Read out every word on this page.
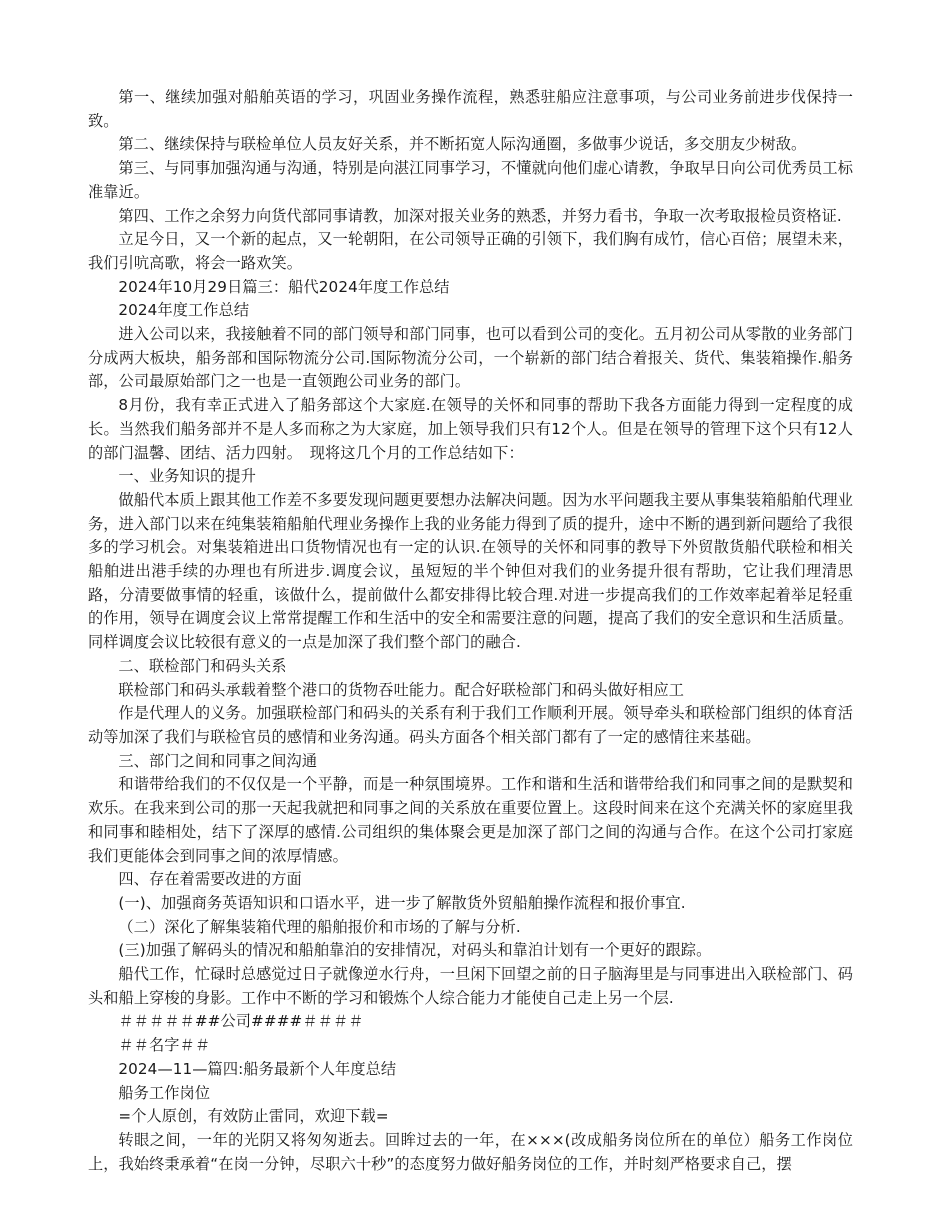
第一、继续加强对船舶英语的学习，巩固业务操作流程，熟悉驻船应注意事项，与公司业务前进步伐保持一致。

第二、继续保持与联检单位人员友好关系，并不断拓宽人际沟通圈，多做事少说话，多交朋友少树敌。

第三、与同事加强沟通与沟通，特别是向湛江同事学习，不懂就向他们虚心请教，争取早日向公司优秀员工标准靠近。

第四、工作之余努力向货代部同事请教，加深对报关业务的熟悉，并努力看书，争取一次考取报检员资格证.

立足今日，又一个新的起点，又一轮朝阳，在公司领导正确的引领下，我们胸有成竹，信心百倍；展望未来，我们引吭高歌，将会一路欢笑。

2024年10月29日篇三：船代2024年度工作总结

2024年度工作总结

进入公司以来，我接触着不同的部门领导和部门同事，也可以看到公司的变化。五月初公司从零散的业务部门分成两大板块，船务部和国际物流分公司.国际物流分公司，一个崭新的部门结合着报关、货代、集装箱操作.船务部，公司最原始部门之一也是一直领跑公司业务的部门。

8月份，我有幸正式进入了船务部这个大家庭.在领导的关怀和同事的帮助下我各方面能力得到一定程度的成长。当然我们船务部并不是人多而称之为大家庭，加上领导我们只有12个人。但是在领导的管理下这个只有12人的部门温馨、团结、活力四射。　现将这几个月的工作总结如下：

一、业务知识的提升

做船代本质上跟其他工作差不多要发现问题更要想办法解决问题。因为水平问题我主要从事集装箱船舶代理业务，进入部门以来在纯集装箱船舶代理业务操作上我的业务能力得到了质的提升，途中不断的遇到新问题给了我很多的学习机会。对集装箱进出口货物情况也有一定的认识.在领导的关怀和同事的教导下外贸散货船代联检和相关船舶进出港手续的办理也有所进步.调度会议，虽短短的半个钟但对我们的业务提升很有帮助，它让我们理清思路，分清要做事情的轻重，该做什么，提前做什么都安排得比较合理.对进一步提高我们的工作效率起着举足轻重的作用，领导在调度会议上常常提醒工作和生活中的安全和需要注意的问题，提高了我们的安全意识和生活质量。同样调度会议比较很有意义的一点是加深了我们整个部门的融合.

二、联检部门和码头关系

联检部门和码头承载着整个港口的货物吞吐能力。配合好联检部门和码头做好相应工

作是代理人的义务。加强联检部门和码头的关系有利于我们工作顺利开展。领导牵头和联检部门组织的体育活动等加深了我们与联检官员的感情和业务沟通。码头方面各个相关部门都有了一定的感情往来基础。

三、部门之间和同事之间沟通

和谐带给我们的不仅仅是一个平静，而是一种氛围境界。工作和谐和生活和谐带给我们和同事之间的是默契和欢乐。在我来到公司的那一天起我就把和同事之间的关系放在重要位置上。这段时间来在这个充满关怀的家庭里我和同事和睦相处，结下了深厚的感情.公司组织的集体聚会更是加深了部门之间的沟通与合作。在这个公司打家庭我们更能体会到同事之间的浓厚情感。

四、存在着需要改进的方面

(一)、加强商务英语知识和口语水平，进一步了解散货外贸船舶操作流程和报价事宜.

（二）深化了解集装箱代理的船舶报价和市场的了解与分析.

(三)加强了解码头的情况和船舶靠泊的安排情况，对码头和靠泊计划有一个更好的跟踪。

船代工作，忙碌时总感觉过日子就像逆水行舟，一旦闲下回望之前的日子脑海里是与同事进出入联检部门、码头和船上穿梭的身影。工作中不断的学习和锻炼个人综合能力才能使自己走上另一个层.

＃＃＃＃＃##公司####＃＃＃＃

＃＃名字＃＃

2024—11—篇四:船务最新个人年度总结

船务工作岗位

=个人原创，有效防止雷同，欢迎下载=

转眼之间，一年的光阴又将匆匆逝去。回眸过去的一年，在×××(改成船务岗位所在的单位）船务工作岗位上，我始终秉承着“在岗一分钟，尽职六十秒”的态度努力做好船务岗位的工作，并时刻严格要求自己，摆
